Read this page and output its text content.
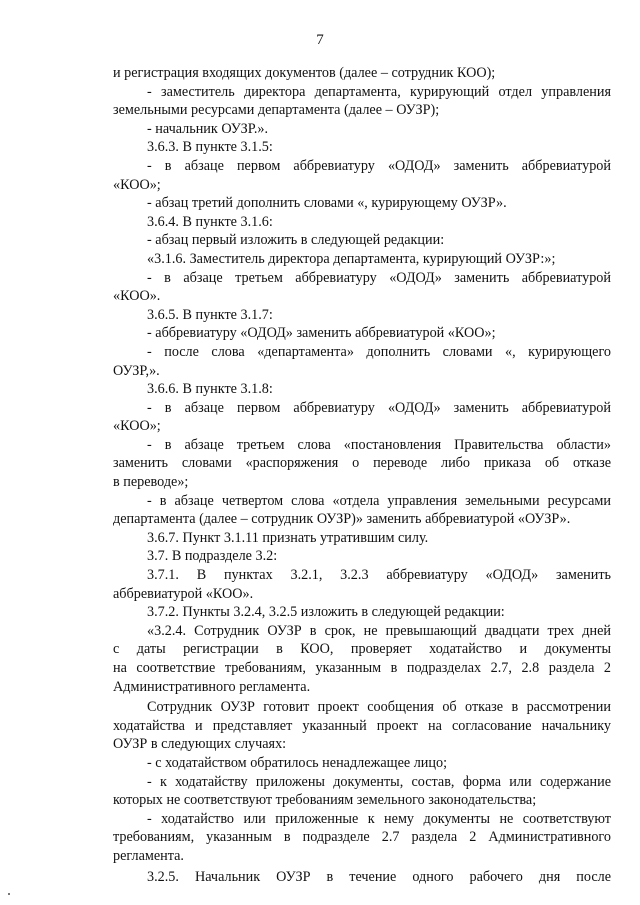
7

и регистрация входящих документов (далее – сотрудник КОО);

- заместитель директора департамента, курирующий отдел управления

земельными ресурсами департамента (далее – ОУЗР);

- начальник ОУЗР.».

3.6.3. В пункте 3.1.5:

- в абзаце первом аббревиатуру «ОДОД» заменить аббревиатурой

«КОО»;

- абзац третий дополнить словами «, курирующему ОУЗР».

3.6.4. В пункте 3.1.6:

- абзац первый изложить в следующей редакции:

«3.1.6. Заместитель директора департамента, курирующий ОУЗР:»;

- в абзаце третьем аббревиатуру «ОДОД» заменить аббревиатурой

«КОО».

3.6.5. В пункте 3.1.7:

- аббревиатуру «ОДОД» заменить аббревиатурой «КОО»;

- после слова «департамента» дополнить словами «, курирующего

ОУЗР,».

3.6.6. В пункте 3.1.8:

- в абзаце первом аббревиатуру «ОДОД» заменить аббревиатурой

«КОО»;

- в абзаце третьем слова «постановления Правительства области»

заменить словами «распоряжения о переводе либо приказа об отказе

в переводе»;

- в абзаце четвертом слова «отдела управления земельными ресурсами

департамента (далее – сотрудник ОУЗР)» заменить аббревиатурой «ОУЗР».

3.6.7. Пункт 3.1.11 признать утратившим силу.

3.7. В подразделе 3.2:

3.7.1. В пунктах 3.2.1, 3.2.3 аббревиатуру «ОДОД» заменить

аббревиатурой «КОО».

3.7.2. Пункты 3.2.4, 3.2.5 изложить в следующей редакции:

«3.2.4. Сотрудник ОУЗР в срок, не превышающий двадцати трех дней

с даты регистрации в КОО, проверяет ходатайство и документы

на соответствие требованиям, указанным в подразделах 2.7, 2.8 раздела 2

Административного регламента.

Сотрудник ОУЗР готовит проект сообщения об отказе в рассмотрении

ходатайства и представляет указанный проект на согласование начальнику

ОУЗР в следующих случаях:

- с ходатайством обратилось ненадлежащее лицо;

- к ходатайству приложены документы, состав, форма или содержание

которых не соответствуют требованиям земельного законодательства;

- ходатайство или приложенные к нему документы не соответствуют

требованиям, указанным в подразделе 2.7 раздела 2 Административного

регламента.

3.2.5. Начальник ОУЗР в течение одного рабочего дня после
